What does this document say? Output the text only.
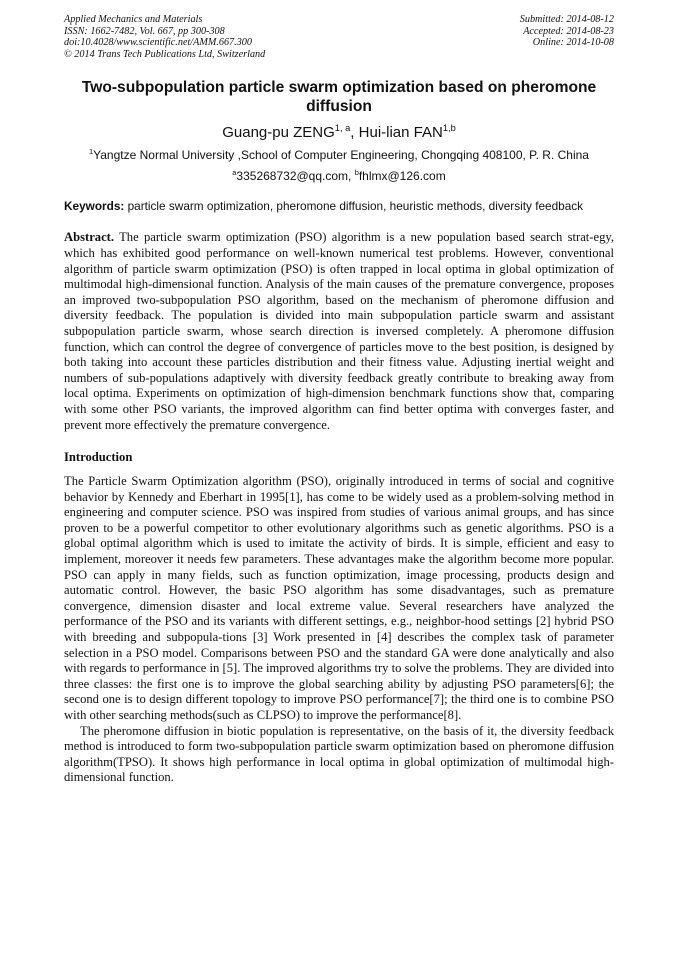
Applied Mechanics and Materials
ISSN: 1662-7482, Vol. 667, pp 300-308
doi:10.4028/www.scientific.net/AMM.667.300
© 2014 Trans Tech Publications Ltd, Switzerland
Submitted: 2014-08-12
Accepted: 2014-08-23
Online: 2014-10-08
Two-subpopulation particle swarm optimization based on pheromone diffusion
Guang-pu ZENG$^{1, a}$, Hui-lian FAN$^{1,b}$
$^1$Yangtze Normal University ,School of Computer Engineering, Chongqing 408100, P. R. China
$^a$335268732@qq.com, $^b$fhlmx@126.com
Keywords: particle swarm optimization, pheromone diffusion, heuristic methods, diversity feedback
Abstract. The particle swarm optimization (PSO) algorithm is a new population based search strat-egy, which has exhibited good performance on well-known numerical test problems. However, conventional algorithm of particle swarm optimization (PSO) is often trapped in local optima in global optimization of multimodal high-dimensional function. Analysis of the main causes of the premature convergence, proposes an improved two-subpopulation PSO algorithm, based on the mechanism of pheromone diffusion and diversity feedback. The population is divided into main subpopulation particle swarm and assistant subpopulation particle swarm, whose search direction is inversed completely. A pheromone diffusion function, which can control the degree of convergence of particles move to the best position, is designed by both taking into account these particles distribution and their fitness value. Adjusting inertial weight and numbers of sub-populations adaptively with diversity feedback greatly contribute to breaking away from local optima. Experiments on optimization of high-dimension benchmark functions show that, comparing with some other PSO variants, the improved algorithm can find better optima with converges faster, and prevent more effectively the premature convergence.
Introduction
The Particle Swarm Optimization algorithm (PSO), originally introduced in terms of social and cognitive behavior by Kennedy and Eberhart in 1995[1], has come to be widely used as a problem-solving method in engineering and computer science. PSO was inspired from studies of various animal groups, and has since proven to be a powerful competitor to other evolutionary algorithms such as genetic algorithms. PSO is a global optimal algorithm which is used to imitate the activity of birds. It is simple, efficient and easy to implement, moreover it needs few parameters. These advantages make the algorithm become more popular. PSO can apply in many fields, such as function optimization, image processing, products design and automatic control. However, the basic PSO algorithm has some disadvantages, such as premature convergence, dimension disaster and local extreme value. Several researchers have analyzed the performance of the PSO and its variants with different settings, e.g., neighbor-hood settings [2] hybrid PSO with breeding and subpopula-tions [3] Work presented in [4] describes the complex task of parameter selection in a PSO model. Comparisons between PSO and the standard GA were done analytically and also with regards to performance in [5]. The improved algorithms try to solve the problems. They are divided into three classes: the first one is to improve the global searching ability by adjusting PSO parameters[6]; the second one is to design different topology to improve PSO performance[7]; the third one is to combine PSO with other searching methods(such as CLPSO) to improve the performance[8].
The pheromone diffusion in biotic population is representative, on the basis of it, the diversity feedback method is introduced to form two-subpopulation particle swarm optimization based on pheromone diffusion algorithm(TPSO). It shows high performance in local optima in global optimization of multimodal high-dimensional function.
